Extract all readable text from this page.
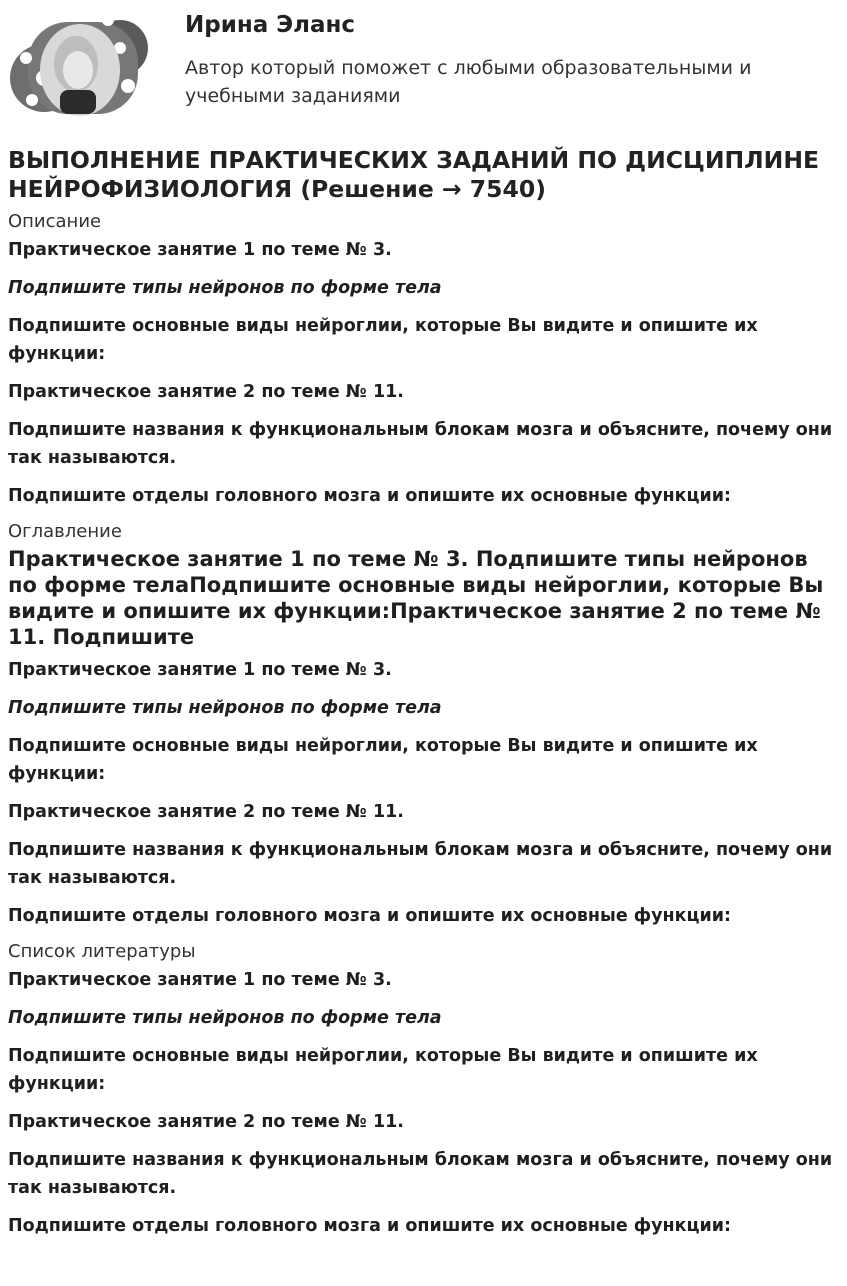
Ирина Эланс
Автор который поможет с любыми образовательными и учебными заданиями
ВЫПОЛНЕНИЕ ПРАКТИЧЕСКИХ ЗАДАНИЙ ПО ДИСЦИПЛИНЕ НЕЙРОФИЗИОЛОГИЯ (Решение → 7540)
Описание

Практическое занятие 1 по теме № 3.

Подпишите типы нейронов по форме тела

Подпишите основные виды нейроглии, которые Вы видите и опишите их функции:

Практическое занятие 2 по теме № 11.

Подпишите названия к функциональным блокам мозга и объясните, почему они так называются.

Подпишите отделы головного мозга и опишите их основные функции:

Оглавление
Практическое занятие 1 по теме № 3. Подпишите типы нейронов по форме телаПодпишите основные виды нейроглии, которые Вы видите и опишите их функции:Практическое занятие 2 по теме № 11. Подпишите

Практическое занятие 1 по теме № 3.

Подпишите типы нейронов по форме тела

Подпишите основные виды нейроглии, которые Вы видите и опишите их функции:

Практическое занятие 2 по теме № 11.

Подпишите названия к функциональным блокам мозга и объясните, почему они так называются.

Подпишите отделы головного мозга и опишите их основные функции:

Список литературы

Практическое занятие 1 по теме № 3.

Подпишите типы нейронов по форме тела

Подпишите основные виды нейроглии, которые Вы видите и опишите их функции:

Практическое занятие 2 по теме № 11.

Подпишите названия к функциональным блокам мозга и объясните, почему они так называются.

Подпишите отделы головного мозга и опишите их основные функции:
